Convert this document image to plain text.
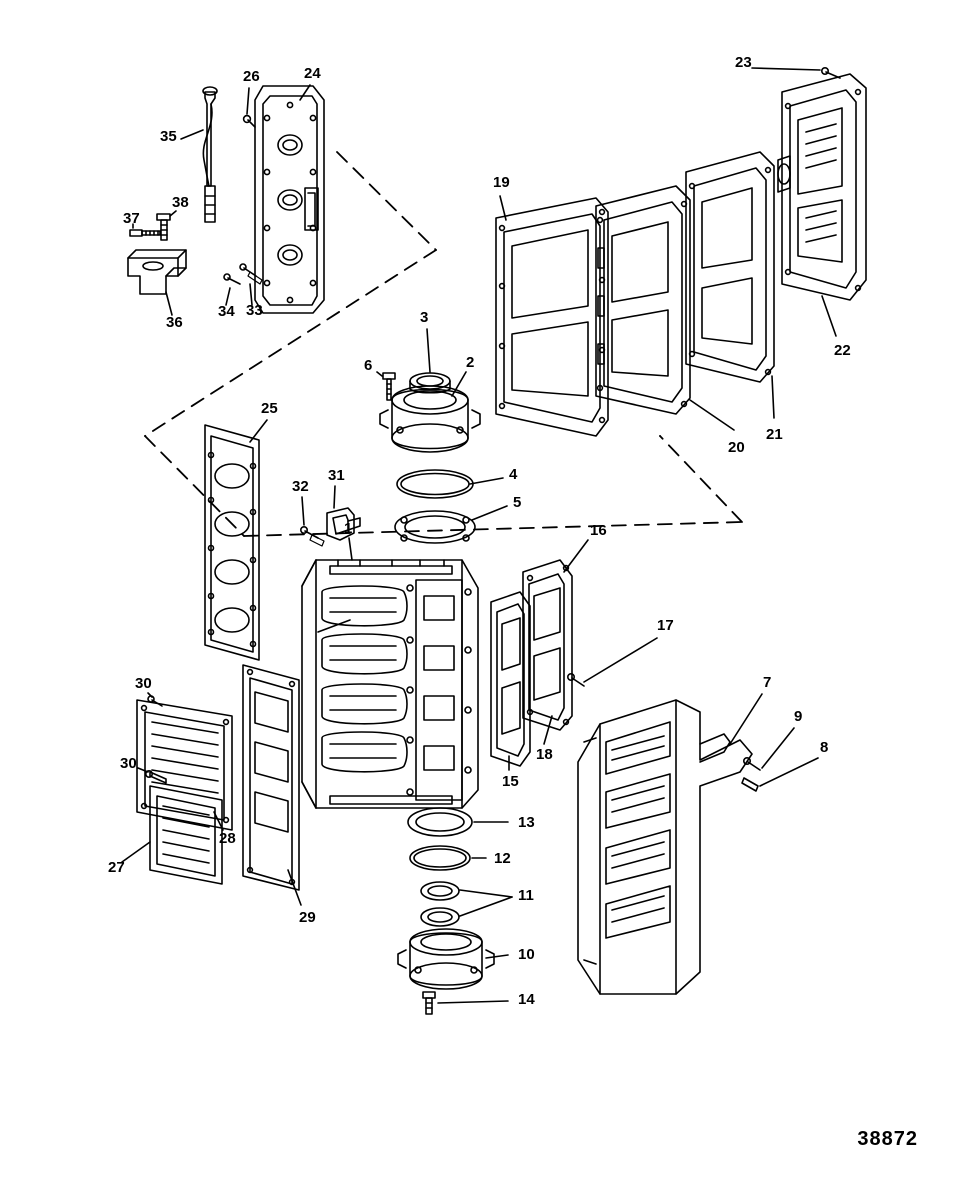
1
2
3
4
5
6
7
8
9
10
11
12
13
14
15
16
17
18
19
20
21
22
23
24
25
26
27
28
29
30
30
31
32
33
34
35
36
37
38
38872
